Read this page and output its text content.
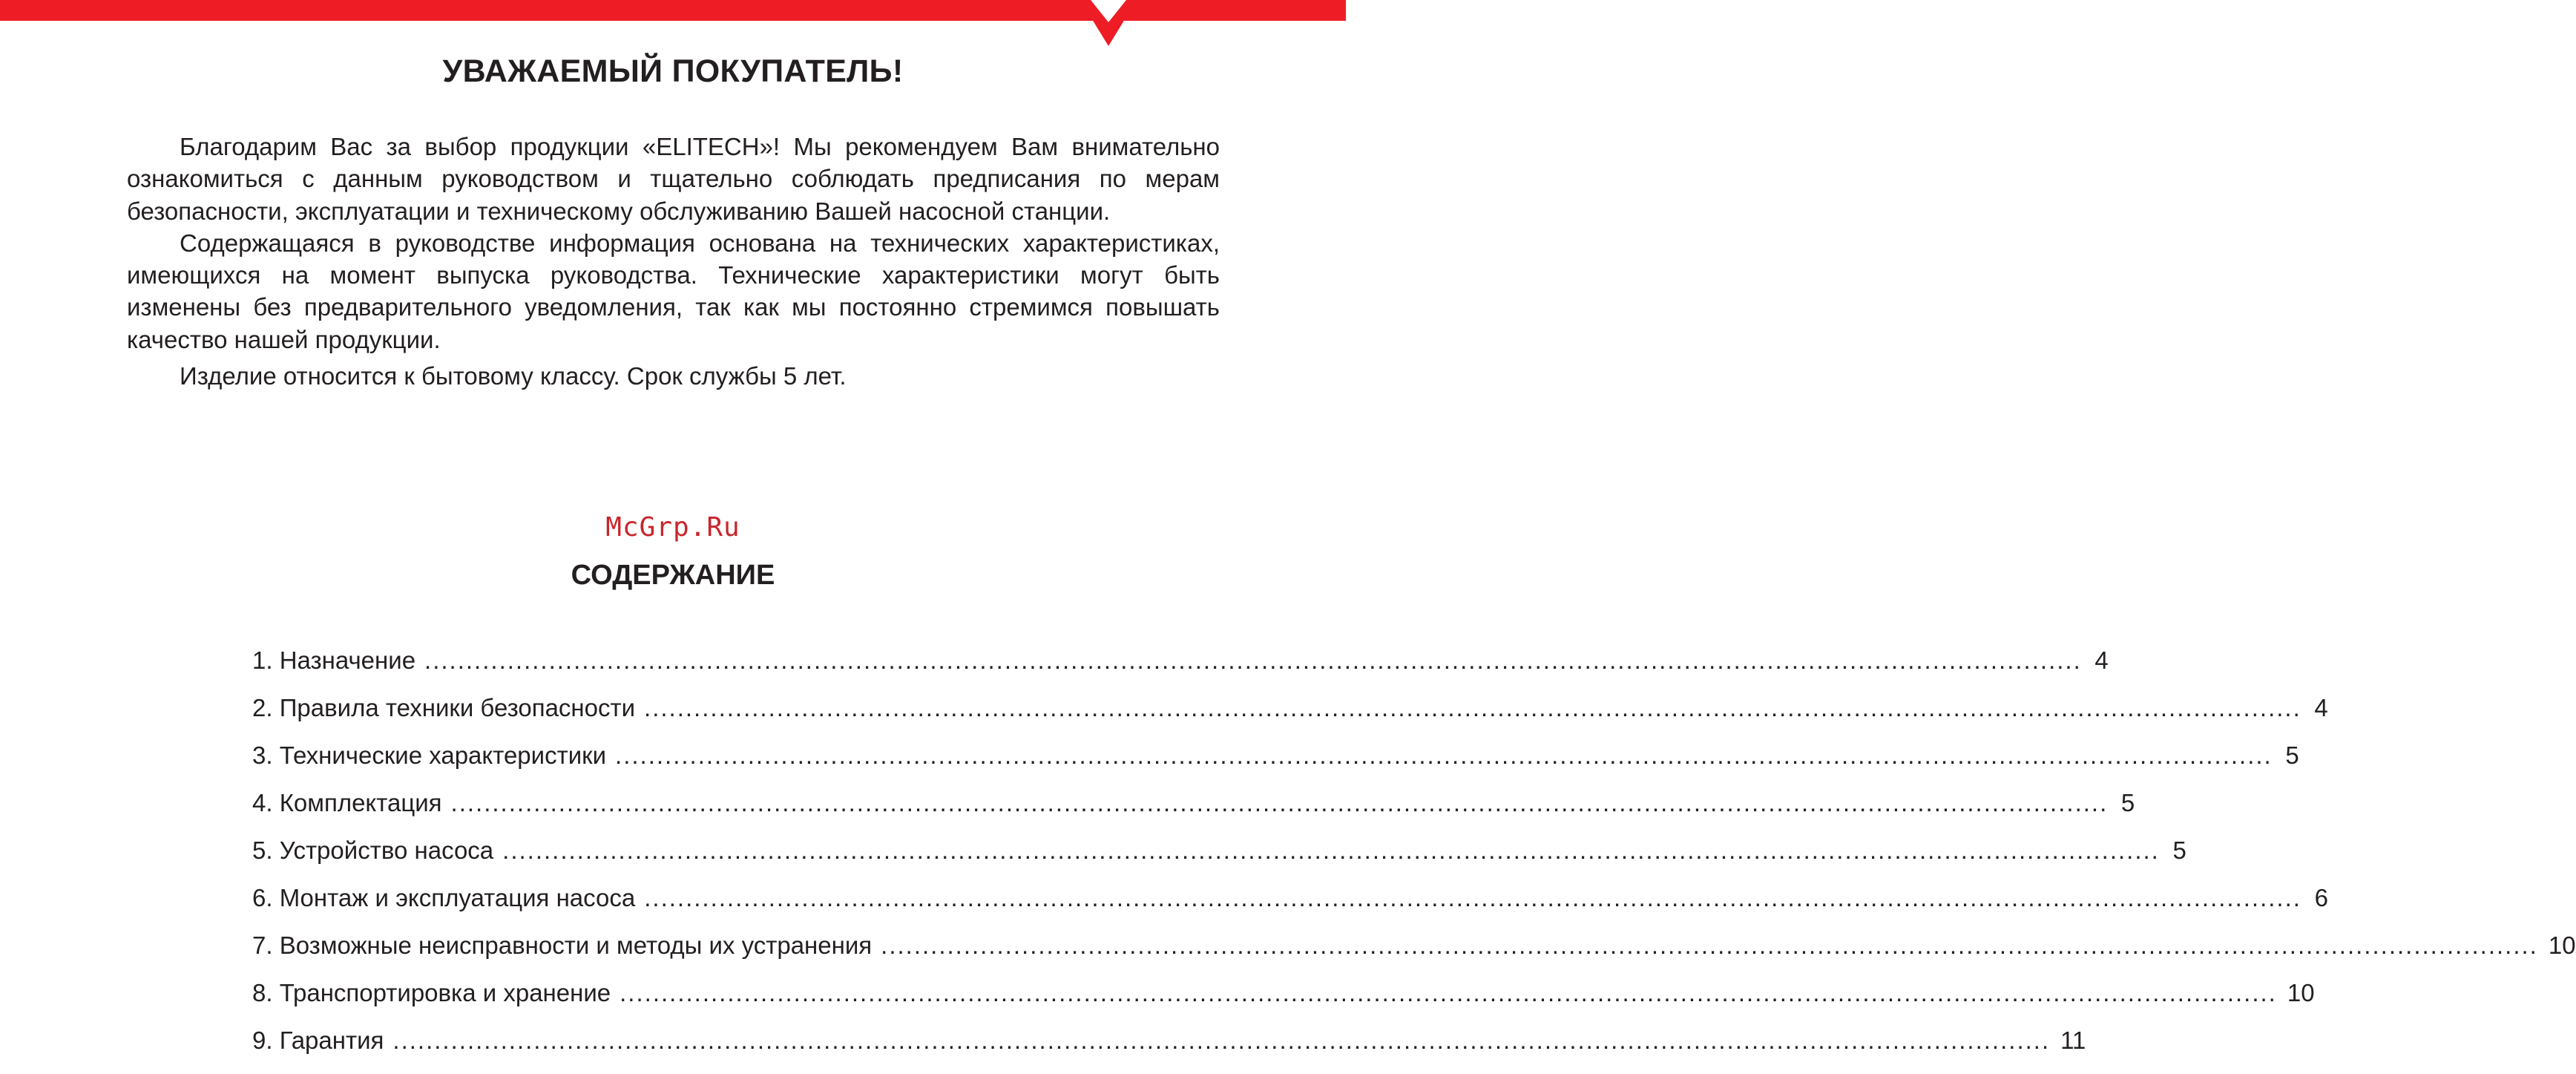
УВАЖАЕМЫЙ ПОКУПАТЕЛЬ!

Благодарим Вас за выбор продукции «ELITECH»! Мы рекомендуем Вам внимательно ознакомиться с данным руководством и тщательно соблюдать предписания по мерам безопасности, эксплуатации и техническому обслуживанию Вашей насосной станции.

Содержащаяся в руководстве информация основана на технических характеристиках, имеющихся на момент выпуска руководства. Технические характеристики могут быть изменены без предварительного уведомления, так как мы постоянно стремимся повышать качество нашей продукции.

Изделие относится к бытовому классу. Срок службы 5 лет.

McGrp.Ru
СОДЕРЖАНИЕ
1. Назначение ........................................................................................................................................................................................................ 4
2. Правила техники безопасности ........................................................................................................................................................................................................ 4
3. Технические характеристики ........................................................................................................................................................................................................ 5
4. Комплектация ........................................................................................................................................................................................................ 5
5. Устройство насоса ........................................................................................................................................................................................................ 5
6. Монтаж и эксплуатация насоса ........................................................................................................................................................................................................ 6
7. Возможные неисправности и методы их устранения ........................................................................................................................................................................................................ 10
8. Транспортировка и хранение ........................................................................................................................................................................................................ 10
9. Гарантия ........................................................................................................................................................................................................ 11
